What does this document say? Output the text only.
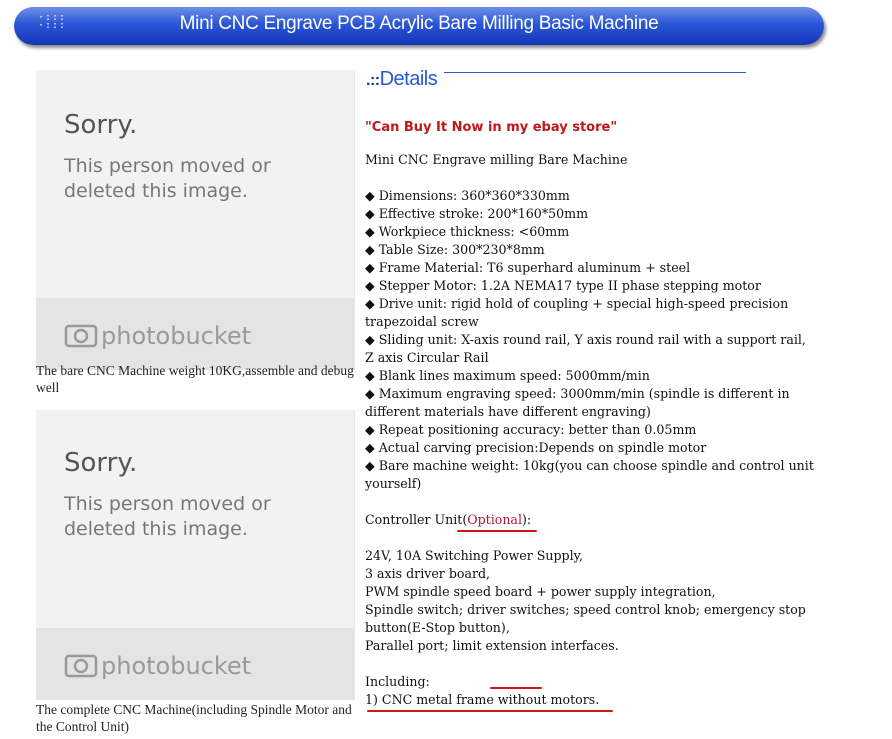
·:::
·:::	Mini CNC Engrave PCB Acrylic Bare Milling Basic Machine
Sorry.
This person moved or deleted this image.
photobucket
The bare CNC Machine weight 10KG,assemble and debug well
Sorry.
This person moved or deleted this image.
photobucket
The complete CNC Machine(including Spindle Motor and the Control Unit)
.::Details
"Can Buy It Now in my ebay store"
Mini CNC Engrave milling Bare Machine
◆ Dimensions: 360*360*330mm
◆ Effective stroke: 200*160*50mm
◆ Workpiece thickness: <60mm
◆ Table Size: 300*230*8mm
◆ Frame Material: T6 superhard aluminum + steel
◆ Stepper Motor: 1.2A NEMA17 type II phase stepping motor
◆ Drive unit: rigid hold of coupling + special high-speed precision
trapezoidal screw
◆ Sliding unit: X-axis round rail, Y axis round rail with a support rail,
Z axis Circular Rail
◆ Blank lines maximum speed: 5000mm/min
◆ Maximum engraving speed: 3000mm/min (spindle is different in
different materials have different engraving)
◆ Repeat positioning accuracy: better than 0.05mm
◆ Actual carving precision:Depends on spindle motor
◆ Bare machine weight: 10kg(you can choose spindle and control unit
yourself)
Controller Unit(Optional):
24V, 10A Switching Power Supply,
3 axis driver board,
PWM spindle speed board + power supply integration,
Spindle switch; driver switches; speed control knob; emergency stop
button(E-Stop button),
Parallel port; limit extension interfaces.
Including:
1) CNC metal frame without motors.
